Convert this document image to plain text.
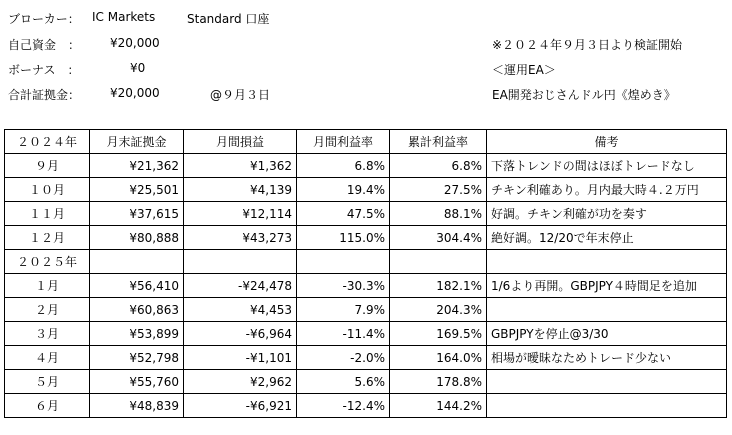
ブローカー： IC Markets	Standard 口座
自己資金　： ¥20,000	※２０２４年９月３日より検証開始
ボーナス　：	¥0	＜運用EA＞
合計証拠金： ¥20,000	@９月３日	EA開発おじさんドル円《煌めき》
２０２４年	月末証拠金	月間損益	月間利益率	累計利益率	備考
９月	¥21,362	¥1,362	6.8%	6.8%	下落トレンドの間はほぼトレードなし
１０月	¥25,501	¥4,139	19.4%	27.5%	チキン利確あり。月内最大時４.２万円
１１月	¥37,615	¥12,114	47.5%	88.1%	好調。チキン利確が功を奏す
１２月	¥80,888	¥43,273	115.0%	304.4%	絶好調。12/20で年末停止
２０２５年					
１月	¥56,410	-¥24,478	-30.3%	182.1%	1/6より再開。GBPJPY４時間足を追加
２月	¥60,863	¥4,453	7.9%	204.3%	
３月	¥53,899	-¥6,964	-11.4%	169.5%	GBPJPYを停止@3/30
４月	¥52,798	-¥1,101	-2.0%	164.0%	相場が曖昧なためトレード少ない
５月	¥55,760	¥2,962	5.6%	178.8%	
６月	¥48,839	-¥6,921	-12.4%	144.2%	
